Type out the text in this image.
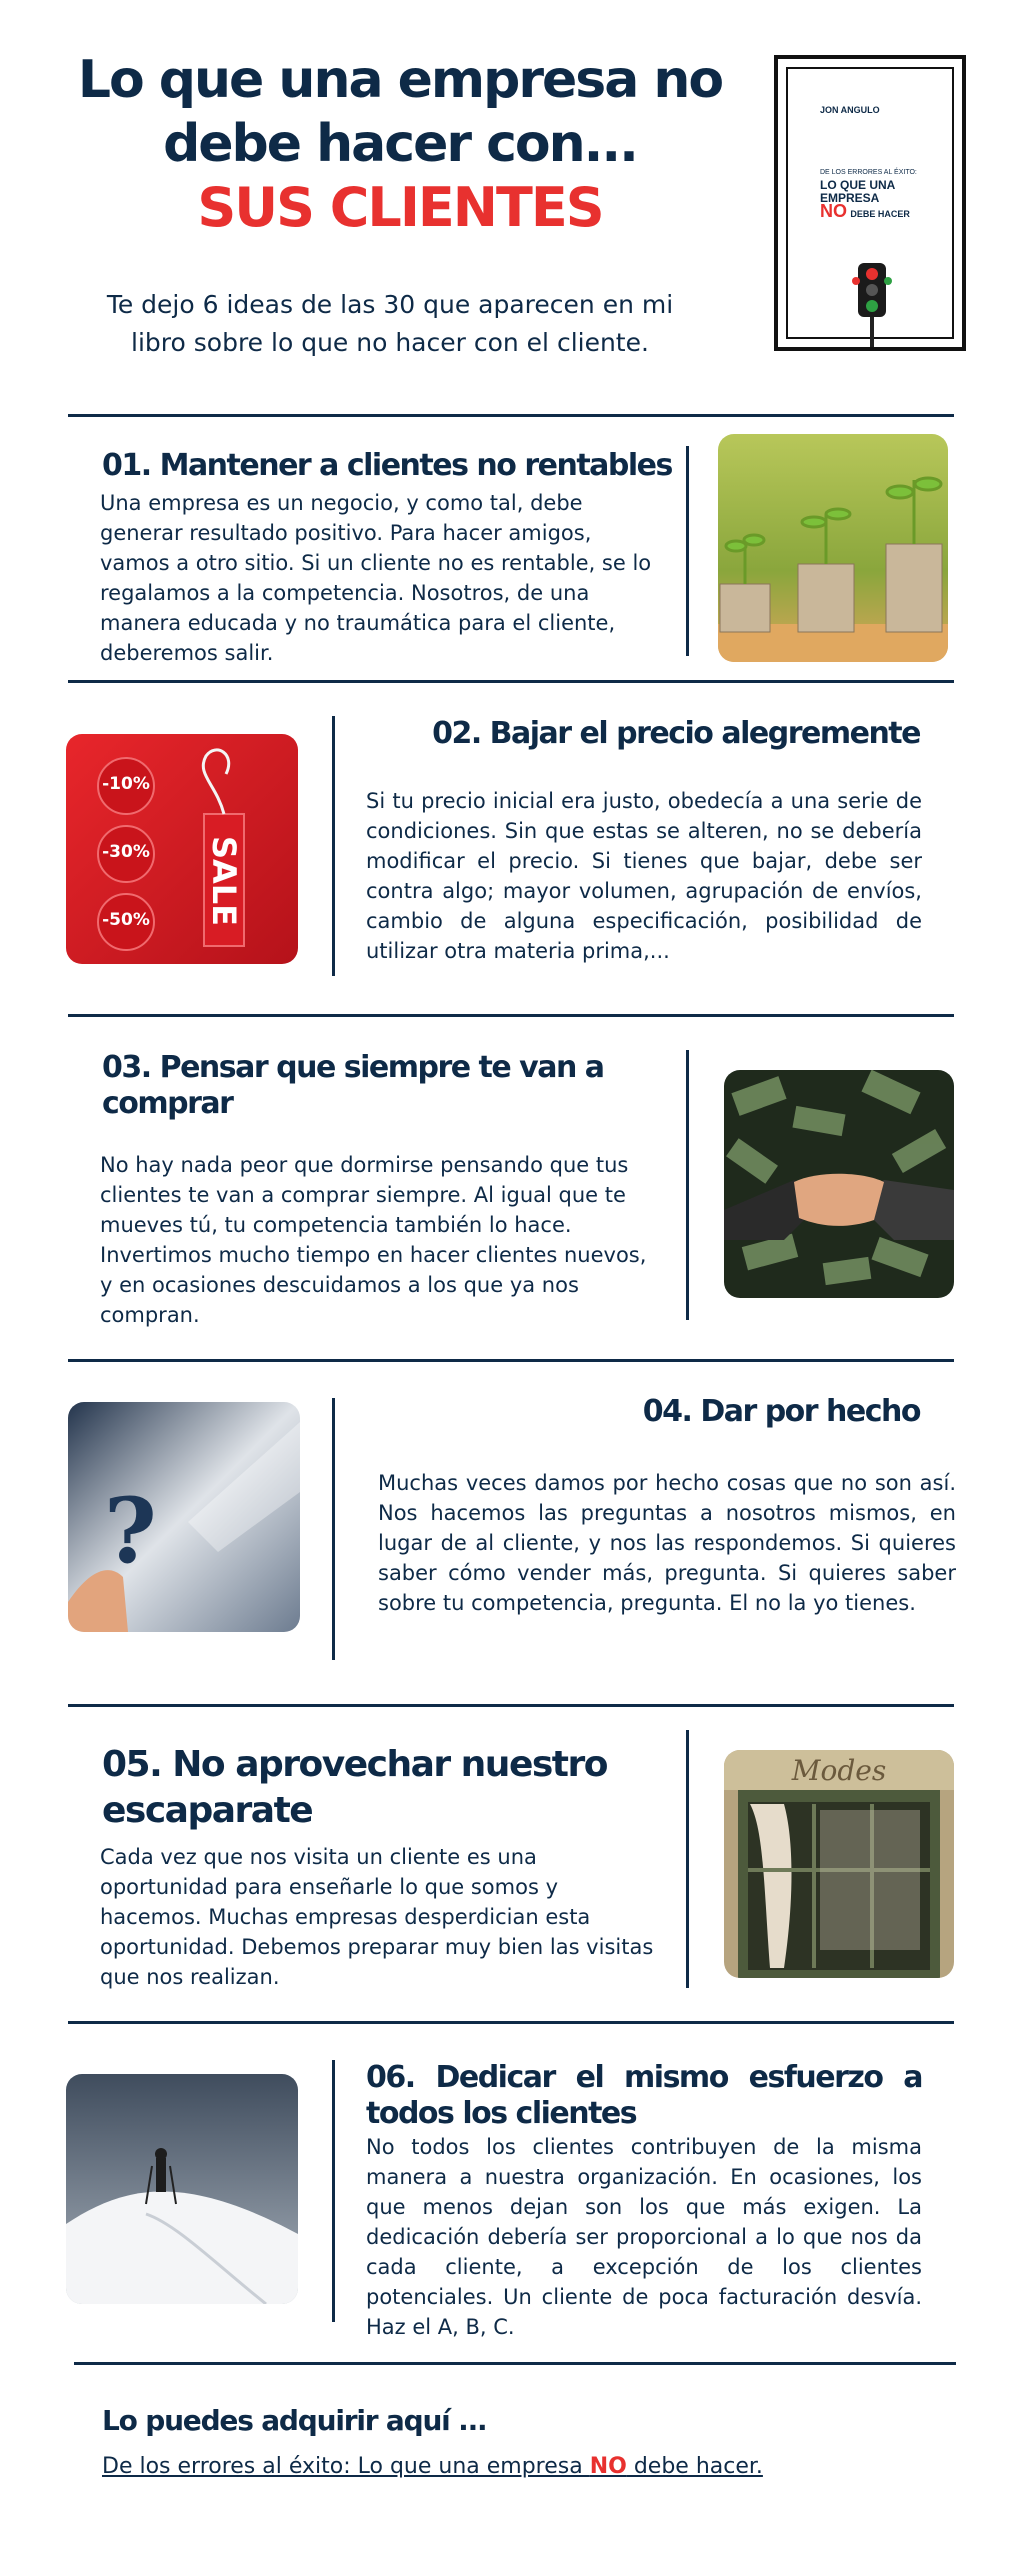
Lo que una empresa no
debe hacer con...
SUS CLIENTES
Te dejo 6 ideas de las 30 que aparecen en mi
libro sobre lo que no hacer con el cliente.
JON ANGULO
DE LOS ERRORES AL ÉXITO:
LO QUE UNA EMPRESA
NO DEBE HACER
01. Mantener a clientes no rentables
Una empresa es un negocio, y como tal, debe generar resultado positivo. Para hacer amigos, vamos a otro sitio. Si un cliente no es rentable, se lo regalamos a la competencia. Nosotros, de una manera educada y no traumática para el cliente, deberemos salir.
-10%
-30%
-50% SALE
02. Bajar el precio alegremente
Si tu precio inicial era justo, obedecía a una serie de condiciones. Sin que estas se alteren, no se debería modificar el precio. Si tienes que bajar, debe ser contra algo; mayor volumen, agrupación de envíos, cambio de alguna especificación, posibilidad de utilizar otra materia prima,...
03. Pensar que siempre te van a comprar
No hay nada peor que dormirse pensando que tus clientes te van a comprar siempre. Al igual que te mueves tú, tu competencia también lo hace. Invertimos mucho tiempo en hacer clientes nuevos, y en ocasiones descuidamos a los que ya nos compran.
?
04. Dar por hecho
Muchas veces damos por hecho cosas que no son así. Nos hacemos las preguntas a nosotros mismos, en lugar de al cliente, y nos las respondemos. Si quieres saber cómo vender más, pregunta. Si quieres saber sobre tu competencia, pregunta. El no la yo tienes.
05. No aprovechar nuestro escaparate
Cada vez que nos visita un cliente es una oportunidad para enseñarle lo que somos y hacemos. Muchas empresas desperdician esta oportunidad. Debemos preparar muy bien las visitas que nos realizan.
Modes
06. Dedicar el mismo esfuerzo a todos los clientes
No todos los clientes contribuyen de la misma manera a nuestra organización. En ocasiones, los que menos dejan son los que más exigen. La dedicación debería ser proporcional a lo que nos da cada cliente, a excepción de los clientes potenciales. Un cliente de poca facturación desvía. Haz el A, B, C.
Lo puedes adquirir aquí ...
De los errores al éxito: Lo que una empresa NO debe hacer.
